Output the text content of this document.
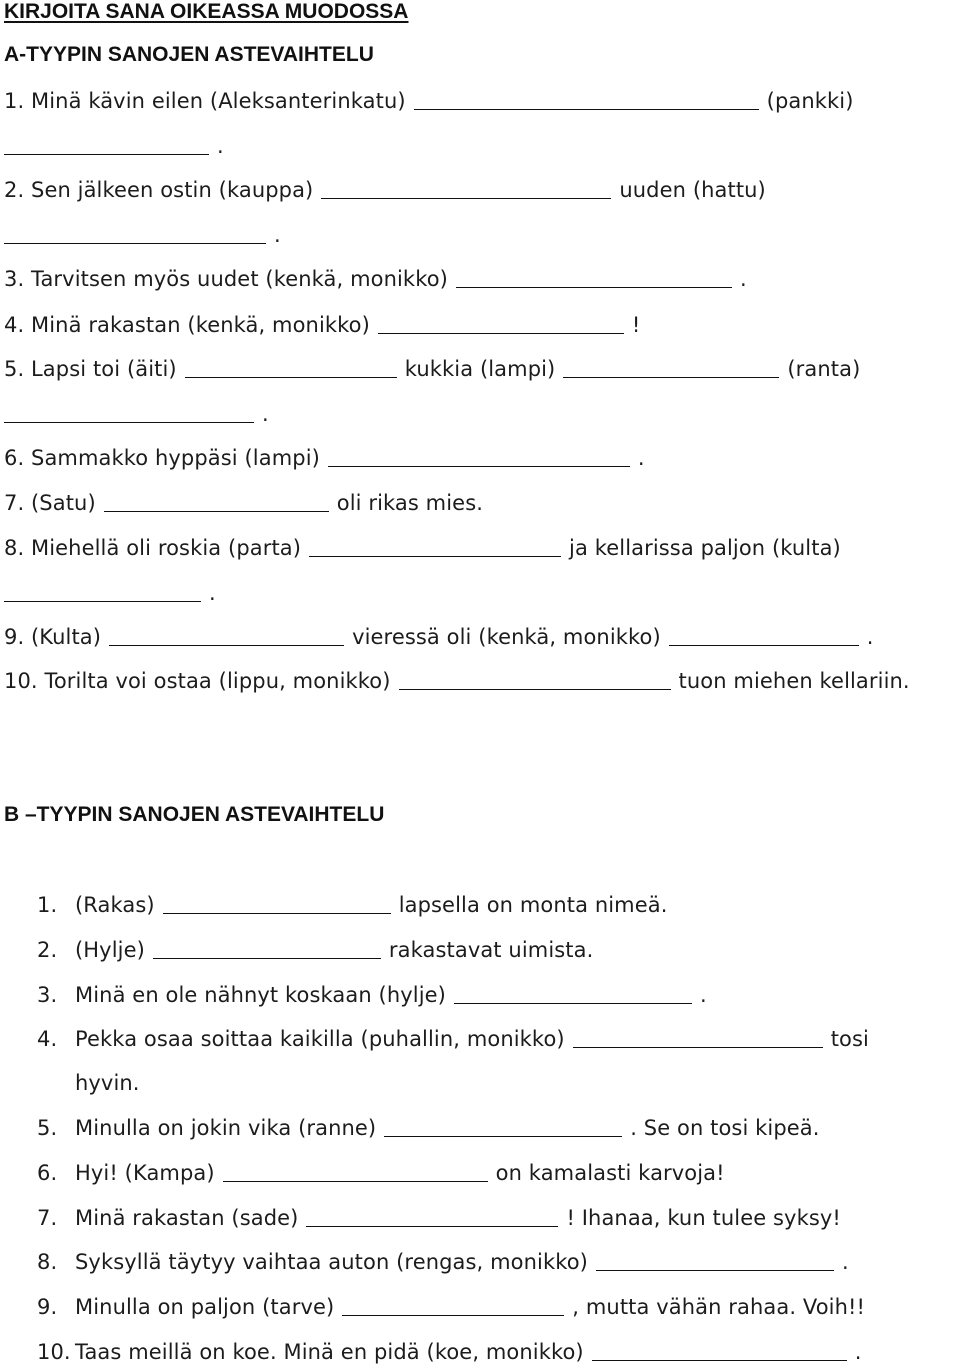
KIRJOITA SANA OIKEASSA MUODOSSA
A-TYYPIN SANOJEN ASTEVAIHTELU
1. Minä kävin eilen (Aleksanterinkatu)	(pankki)
.
2. Sen jälkeen ostin (kauppa)	uuden (hattu)
.
3. Tarvitsen myös uudet (kenkä, monikko)	.
4. Minä rakastan (kenkä, monikko)	!
5. Lapsi toi (äiti)	kukkia (lampi)	(ranta)
.
6. Sammakko hyppäsi (lampi)	.
7. (Satu)	oli rikas mies.
8. Miehellä oli roskia (parta)	ja kellarissa paljon (kulta)
.
9. (Kulta)	vieressä oli (kenkä, monikko)	.
10. Torilta voi ostaa (lippu, monikko)	tuon miehen kellariin.
B –TYYPIN SANOJEN ASTEVAIHTELU
1. (Rakas)	lapsella on monta nimeä.
2. (Hylje)	rakastavat uimista.
3. Minä en ole nähnyt koskaan (hylje)	.
4. Pekka osaa soittaa kaikilla (puhallin, monikko)	tosi
hyvin.
5. Minulla on jokin vika (ranne)	. Se on tosi kipeä.
6. Hyi! (Kampa)	on kamalasti karvoja!
7. Minä rakastan (sade)	! Ihanaa, kun tulee syksy!
8. Syksyllä täytyy vaihtaa auton (rengas, monikko)	.
9. Minulla on paljon (tarve)	, mutta vähän rahaa. Voih!!
10. Taas meillä on koe. Minä en pidä (koe, monikko)	.
